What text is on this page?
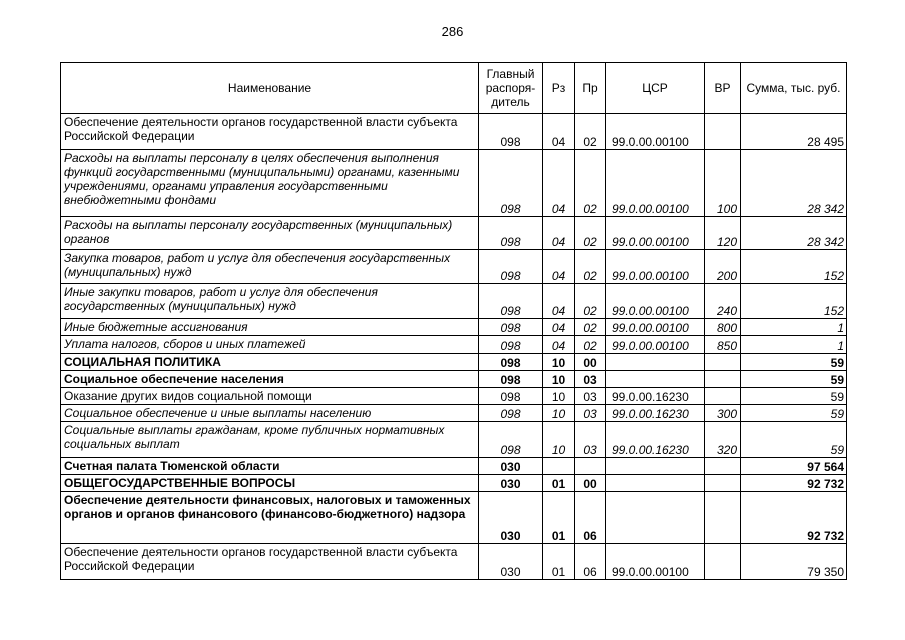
286
Наименование	Главный распоря-дитель	Рз	Пр	ЦСР	ВР	Сумма, тыс. руб.
Обеспечение деятельности органов государственной власти субъекта Российской Федерации	098	04	02	99.0.00.00100		28 495
Расходы на выплаты персоналу в целях обеспечения выполнения функций государственными (муниципальными) органами, казенными учреждениями, органами управления государственными внебюджетными фондами	098	04	02	99.0.00.00100	100	28 342
Расходы на выплаты персоналу государственных (муниципальных) органов	098	04	02	99.0.00.00100	120	28 342
Закупка товаров, работ и услуг для обеспечения государственных (муниципальных) нужд	098	04	02	99.0.00.00100	200	152
Иные закупки товаров, работ и услуг для обеспечения государственных (муниципальных) нужд	098	04	02	99.0.00.00100	240	152
Иные бюджетные ассигнования	098	04	02	99.0.00.00100	800	1
Уплата налогов, сборов и иных платежей	098	04	02	99.0.00.00100	850	1
СОЦИАЛЬНАЯ ПОЛИТИКА	098	10	00			59
Социальное обеспечение населения	098	10	03			59
Оказание других видов социальной помощи	098	10	03	99.0.00.16230		59
Социальное обеспечение и иные выплаты населению	098	10	03	99.0.00.16230	300	59
Социальные выплаты гражданам, кроме публичных нормативных социальных выплат	098	10	03	99.0.00.16230	320	59
Счетная палата Тюменской области	030					97 564
ОБЩЕГОСУДАРСТВЕННЫЕ ВОПРОСЫ	030	01	00			92 732
Обеспечение деятельности финансовых, налоговых и таможенных органов и органов финансового (финансово-бюджетного) надзора	030	01	06			92 732
Обеспечение деятельности органов государственной власти субъекта Российской Федерации	030	01	06	99.0.00.00100		79 350
